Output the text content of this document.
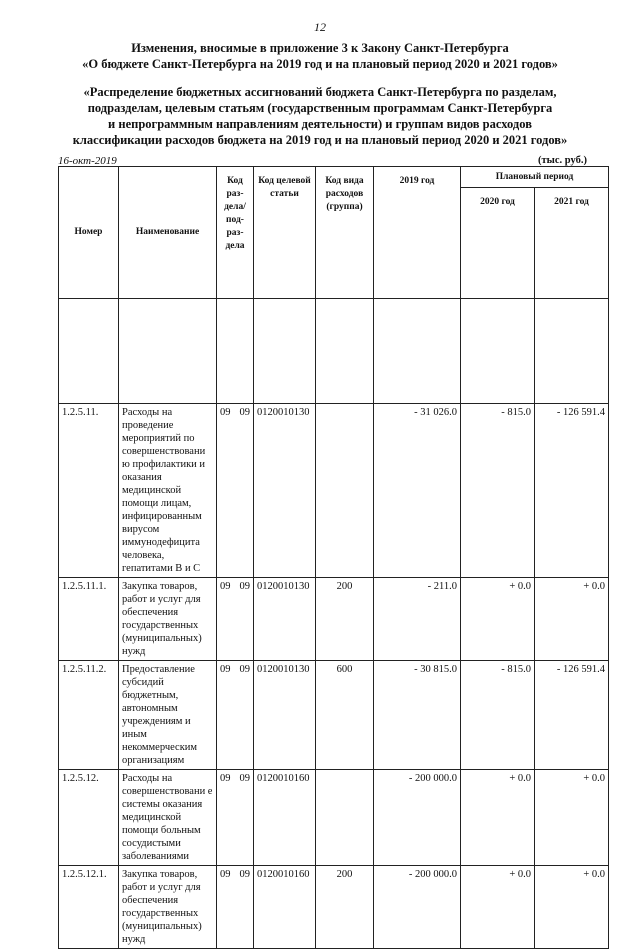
12
Изменения, вносимые в приложение 3 к Закону Санкт-Петербурга
«О бюджете Санкт-Петербурга на 2019 год и на плановый период 2020 и 2021 годов»
«Распределение бюджетных ассигнований бюджета Санкт-Петербурга по разделам,
подразделам, целевым статьям (государственным программам Санкт-Петербурга
и непрограммным направлениям деятельности) и группам видов расходов
классификации расходов бюджета на 2019 год и на плановый период 2020 и 2021 годов»
16-окт-2019	(тыс. руб.)
Номер	Наименование	Код раз-дела/ под-раз-дела	Код целевой статьи	Код вида расходов (группа)	2019 год	Плановый период	
						2020 год	2021 год

1.2.5.11.	Расходы на проведение мероприятий по совершенствовани ю профилактики и оказания медицинской помощи лицам, инфицированным вирусом иммунодефицита человека, гепатитами В и С	09 09	0120010130		- 31 026.0	- 815.0	- 126 591.4
1.2.5.11.1.	Закупка товаров, работ и услуг для обеспечения государственных (муниципальных) нужд	09 09	0120010130	200	- 211.0	+ 0.0	+ 0.0
1.2.5.11.2.	Предоставление субсидий бюджетным, автономным учреждениям и иным некоммерческим организациям	09 09	0120010130	600	- 30 815.0	- 815.0	- 126 591.4
1.2.5.12.	Расходы на совершенствовани е системы оказания медицинской помощи больным сосудистыми заболеваниями	09 09	0120010160		- 200 000.0	+ 0.0	+ 0.0
1.2.5.12.1.	Закупка товаров, работ и услуг для обеспечения государственных (муниципальных) нужд	09 09	0120010160	200	- 200 000.0	+ 0.0	+ 0.0
